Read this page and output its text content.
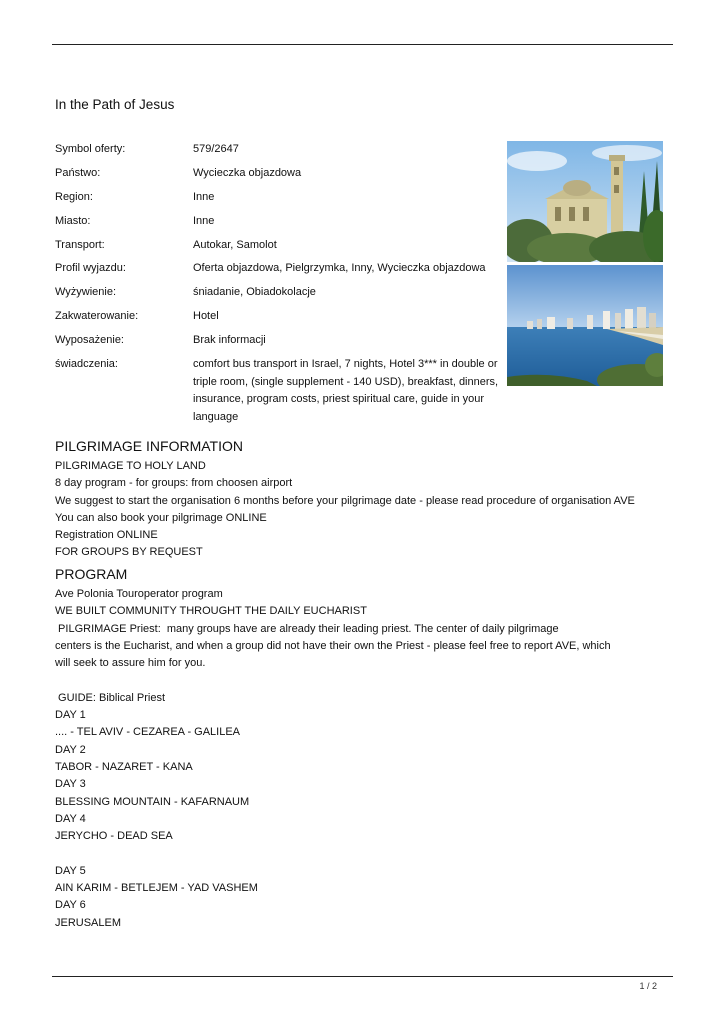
In the Path of Jesus
Symbol oferty:	579/2647
Państwo:	Wycieczka objazdowa
Region:	Inne
Miasto:	Inne
Transport:	Autokar, Samolot
Profil wyjazdu:	Oferta objazdowa, Pielgrzymka, Inny, Wycieczka objazdowa
Wyżywienie:	śniadanie, Obiadokolacje
Zakwaterowanie:	Hotel
Wyposażenie:	Brak informacji
świadczenia:	comfort bus transport in Israel, 7 nights, Hotel 3*** in double or
triple room, (single supplement - 140 USD), breakfast, dinners,
insurance, program costs, priest spiritual care, guide in your
language
PILGRIMAGE INFORMATION
PILGRIMAGE TO HOLY LAND
8 day program - for groups: from choosen airport
We suggest to start the organisation 6 months before your pilgrimage date - please read procedure of organisation AVE
You can also book your pilgrimage ONLINE
Registration ONLINE
FOR GROUPS BY REQUEST
PROGRAM
Ave Polonia Touroperator program
WE BUILT COMMUNITY THROUGHT THE DAILY EUCHARIST
PILGRIMAGE Priest:  many groups have are already their leading priest. The center of daily pilgrimage
centers is the Eucharist, and when a group did not have their own the Priest - please feel free to report AVE, which
will seek to assure him for you.
GUIDE: Biblical Priest
DAY 1
.... - TEL AVIV - CEZAREA - GALILEA
DAY 2
TABOR - NAZARET - KANA
DAY 3
BLESSING MOUNTAIN - KAFARNAUM
DAY 4
JERYCHO - DEAD SEA
DAY 5
AIN KARIM - BETLEJEM - YAD VASHEM
DAY 6
JERUSALEM
1 / 2
